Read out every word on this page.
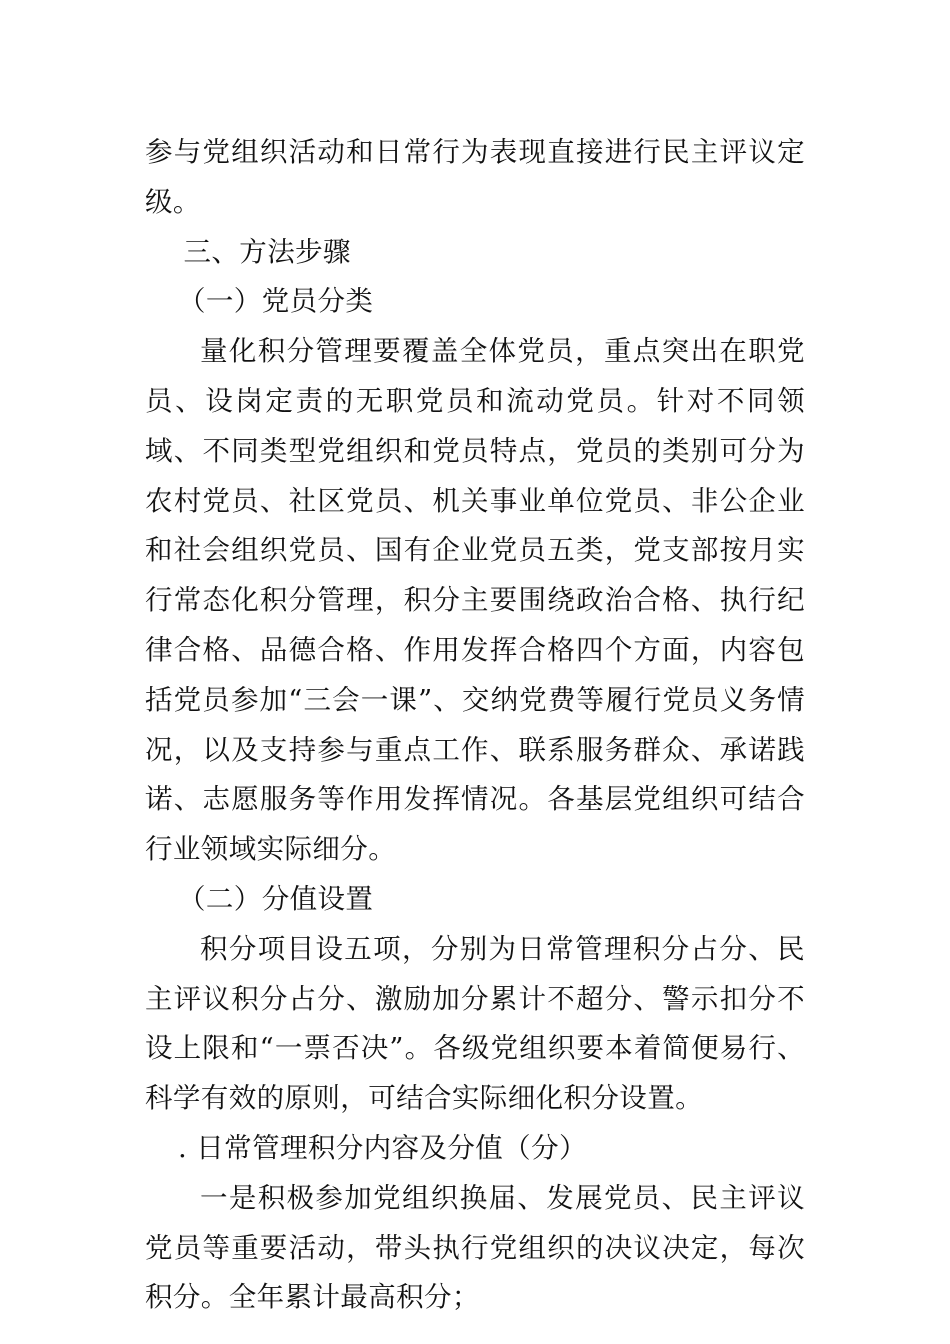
参与党组织活动和日常行为表现直接进行民主评议定级。

三、方法步骤

（一）党员分类

量化积分管理要覆盖全体党员，重点突出在职党员、设岗定责的无职党员和流动党员。针对不同领域、不同类型党组织和党员特点，党员的类别可分为农村党员、社区党员、机关事业单位党员、非公企业和社会组织党员、国有企业党员五类，党支部按月实行常态化积分管理，积分主要围绕政治合格、执行纪律合格、品德合格、作用发挥合格四个方面，内容包括党员参加“三会一课”、交纳党费等履行党员义务情况，以及支持参与重点工作、联系服务群众、承诺践诺、志愿服务等作用发挥情况。各基层党组织可结合行业领域实际细分。

（二）分值设置

积分项目设五项，分别为日常管理积分占分、民主评议积分占分、激励加分累计不超分、警示扣分不设上限和“一票否决”。各级党组织要本着简便易行、科学有效的原则，可结合实际细化积分设置。

. 日常管理积分内容及分值（分）

一是积极参加党组织换届、发展党员、民主评议党员等重要活动，带头执行党组织的决议决定，每次积分。全年累计最高积分；
